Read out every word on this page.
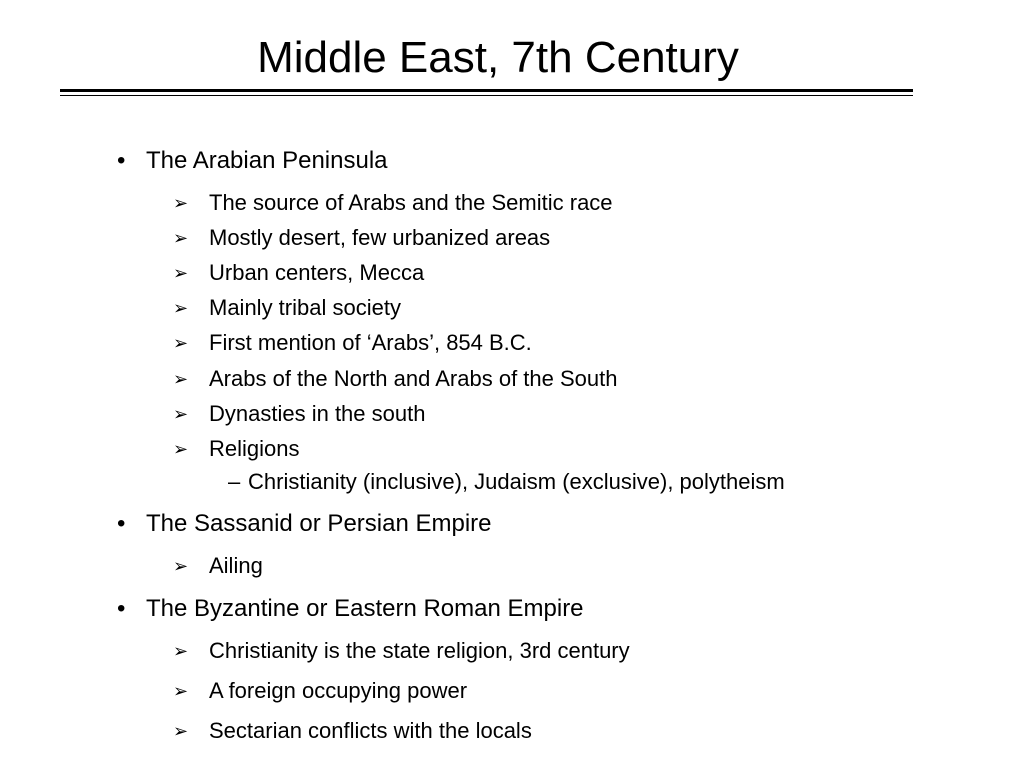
Middle East, 7th Century
• The Arabian Peninsula
➢ The source of Arabs and the Semitic race
➢ Mostly desert, few urbanized areas
➢ Urban centers, Mecca
➢ Mainly tribal society
➢ First mention of ‘Arabs’, 854 B.C.
➢ Arabs of the North and Arabs of the South
➢ Dynasties in the south
➢ Religions
– Christianity (inclusive), Judaism (exclusive), polytheism
• The Sassanid or Persian Empire
➢ Ailing
• The Byzantine or Eastern Roman Empire
➢ Christianity is the state religion, 3rd century
➢ A foreign occupying power
➢ Sectarian conflicts with the locals
